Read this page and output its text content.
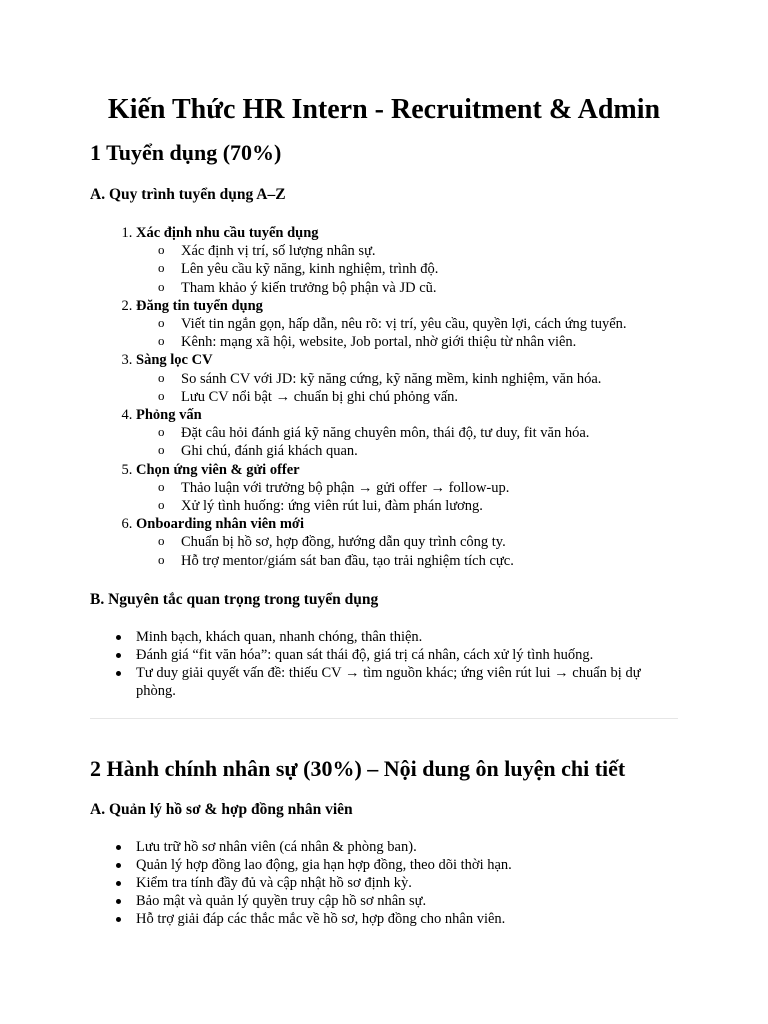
Kiến Thức HR Intern - Recruitment & Admin
1 Tuyển dụng (70%)
A. Quy trình tuyển dụng A–Z
1. Xác định nhu cầu tuyển dụng
o Xác định vị trí, số lượng nhân sự.
o Lên yêu cầu kỹ năng, kinh nghiệm, trình độ.
o Tham khảo ý kiến trưởng bộ phận và JD cũ.
2. Đăng tin tuyển dụng
o Viết tin ngắn gọn, hấp dẫn, nêu rõ: vị trí, yêu cầu, quyền lợi, cách ứng tuyển.
o Kênh: mạng xã hội, website, Job portal, nhờ giới thiệu từ nhân viên.
3. Sàng lọc CV
o So sánh CV với JD: kỹ năng cứng, kỹ năng mềm, kinh nghiệm, văn hóa.
o Lưu CV nổi bật → chuẩn bị ghi chú phỏng vấn.
4. Phỏng vấn
o Đặt câu hỏi đánh giá kỹ năng chuyên môn, thái độ, tư duy, fit văn hóa.
o Ghi chú, đánh giá khách quan.
5. Chọn ứng viên & gửi offer
o Thảo luận với trưởng bộ phận → gửi offer → follow-up.
o Xử lý tình huống: ứng viên rút lui, đàm phán lương.
6. Onboarding nhân viên mới
o Chuẩn bị hồ sơ, hợp đồng, hướng dẫn quy trình công ty.
o Hỗ trợ mentor/giám sát ban đầu, tạo trải nghiệm tích cực.
B. Nguyên tắc quan trọng trong tuyển dụng
Minh bạch, khách quan, nhanh chóng, thân thiện.
Đánh giá “fit văn hóa”: quan sát thái độ, giá trị cá nhân, cách xử lý tình huống.
Tư duy giải quyết vấn đề: thiếu CV → tìm nguồn khác; ứng viên rút lui → chuẩn bị dự phòng.
2 Hành chính nhân sự (30%) – Nội dung ôn luyện chi tiết
A. Quản lý hồ sơ & hợp đồng nhân viên
Lưu trữ hồ sơ nhân viên (cá nhân & phòng ban).
Quản lý hợp đồng lao động, gia hạn hợp đồng, theo dõi thời hạn.
Kiểm tra tính đầy đủ và cập nhật hồ sơ định kỳ.
Bảo mật và quản lý quyền truy cập hồ sơ nhân sự.
Hỗ trợ giải đáp các thắc mắc về hồ sơ, hợp đồng cho nhân viên.
